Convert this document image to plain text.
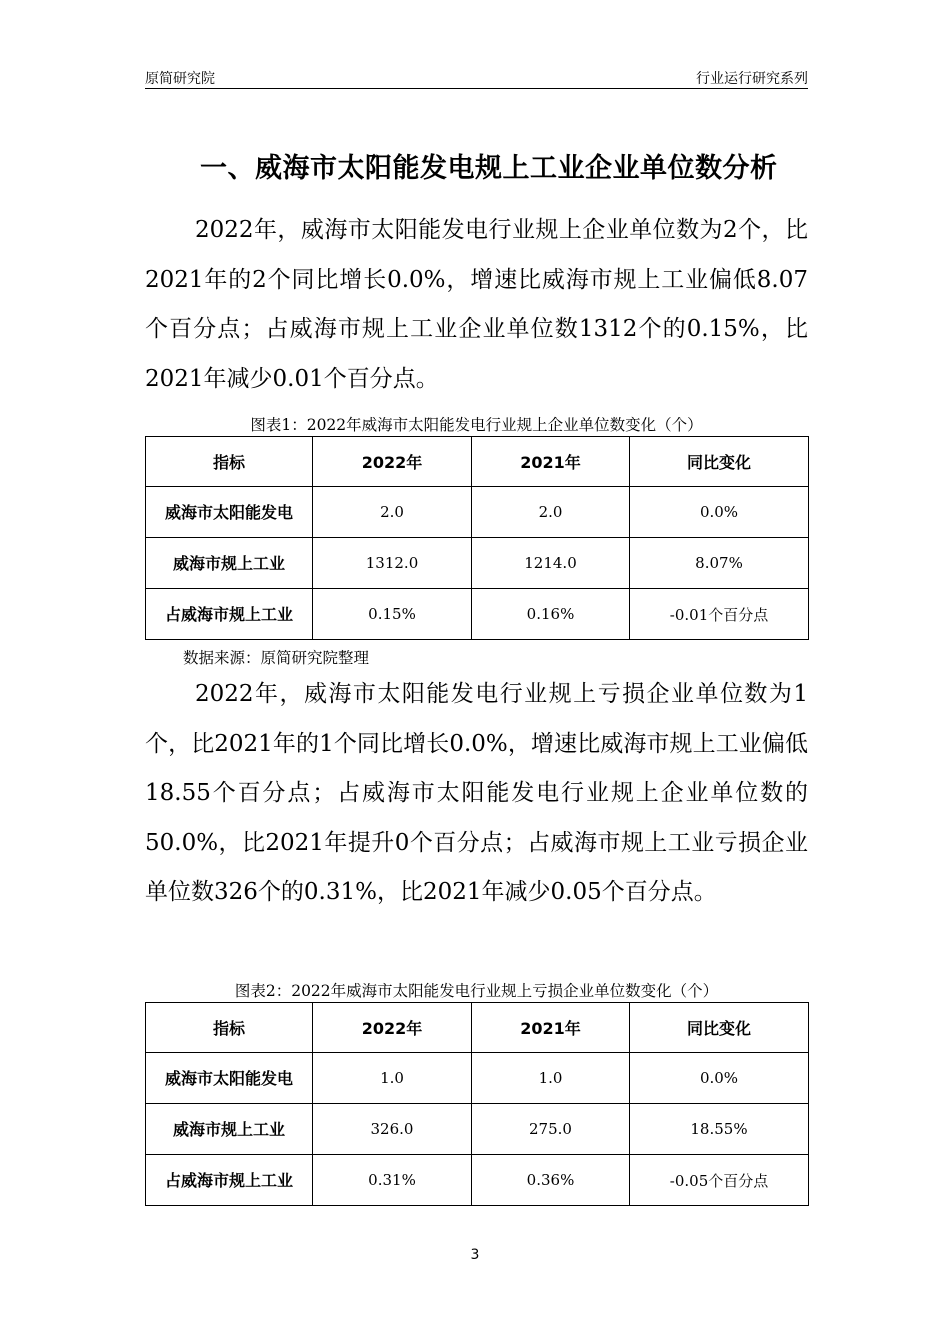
原简研究院	行业运行研究系列
一、威海市太阳能发电规上工业企业单位数分析

2022年，威海市太阳能发电行业规上企业单位数为2个，比2021年的2个同比增长0.0%，增速比威海市规上工业偏低8.07个百分点；占威海市规上工业企业单位数1312个的0.15%，比2021年减少0.01个百分点。

图表1：2022年威海市太阳能发电行业规上企业单位数变化（个）
指标	2022年	2021年	同比变化
威海市太阳能发电	2.0	2.0	0.0%
威海市规上工业	1312.0	1214.0	8.07%
占威海市规上工业	0.15%	0.16%	-0.01个百分点
数据来源：原简研究院整理

2022年，威海市太阳能发电行业规上亏损企业单位数为1个，比2021年的1个同比增长0.0%，增速比威海市规上工业偏低18.55个百分点；占威海市太阳能发电行业规上企业单位数的50.0%，比2021年提升0个百分点；占威海市规上工业亏损企业单位数326个的0.31%，比2021年减少0.05个百分点。

图表2：2022年威海市太阳能发电行业规上亏损企业单位数变化（个）
指标	2022年	2021年	同比变化
威海市太阳能发电	1.0	1.0	0.0%
威海市规上工业	326.0	275.0	18.55%
占威海市规上工业	0.31%	0.36%	-0.05个百分点
3
